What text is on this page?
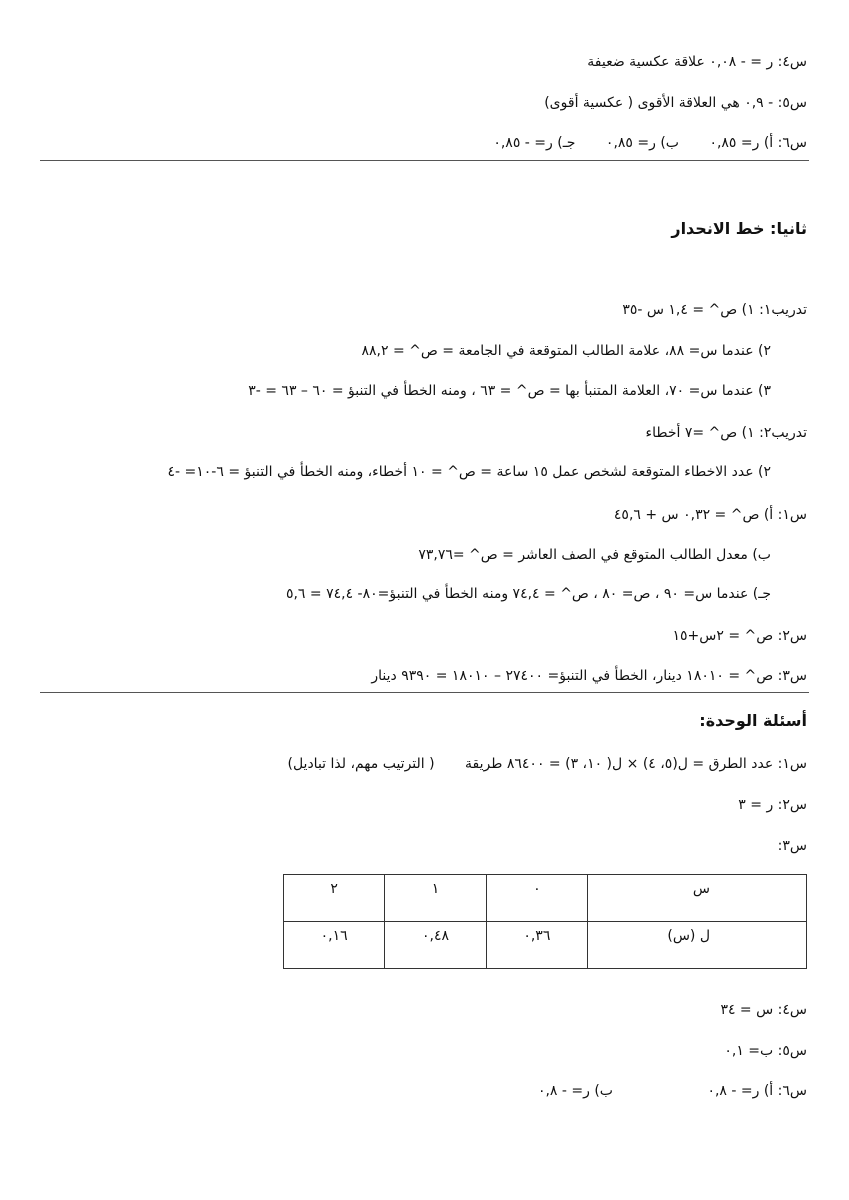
س٤: ر = - ٠,٠٨ علاقة عكسية ضعيفة
س٥: - ٠,٩ هي العلاقة الأقوى ( عكسية أقوى)
س٦: أ) ر= ٠,٨٥ ب) ر= ٠,٨٥ جـ) ر= - ٠,٨٥
ثانيا: خط الانحدار
تدريب١: ١) ص^ = ١,٤ س -٣٥
٢) عندما س= ٨٨، علامة الطالب المتوقعة في الجامعة = ص^ = ٨٨,٢
٣) عندما س= ٧٠، العلامة المتنبأ بها = ص^ = ٦٣ ، ومنه الخطأ في التنبؤ = ٦٠ – ٦٣ = -٣
تدريب٢: ١) ص^ =٧ أخطاء
٢) عدد الاخطاء المتوقعة لشخص عمل ١٥ ساعة = ص^ = ١٠ أخطاء، ومنه الخطأ في التنبؤ = ٦-١٠= -٤
س١: أ) ص^ = ٠,٣٢ س + ٤٥,٦
ب) معدل الطالب المتوقع في الصف العاشر = ص^ =٧٣,٧٦
جـ) عندما س= ٩٠ ، ص= ٨٠ ، ص^ = ٧٤,٤ ومنه الخطأ في التنبؤ=٨٠- ٧٤,٤ = ٥,٦
س٢: ص^ = ٢س+١٥
س٣: ص^ = ١٨٠١٠ دينار، الخطأ في التنبؤ= ٢٧٤٠٠ – ١٨٠١٠ = ٩٣٩٠ دينار
أسئلة الوحدة:
س١: عدد الطرق = ل(٥، ٤) × ل( ١٠، ٣) = ٨٦٤٠٠ طريقة ( الترتيب مهم، لذا تباديل)
س٢: ر = ٣
س٣:
س	٠	١	٢
ل (س)	٠,٣٦	٠,٤٨	٠,١٦
س٤: س = ٣٤
س٥: ب= ٠,١
س٦: أ) ر= - ٠,٨ ب) ر= - ٠,٨
